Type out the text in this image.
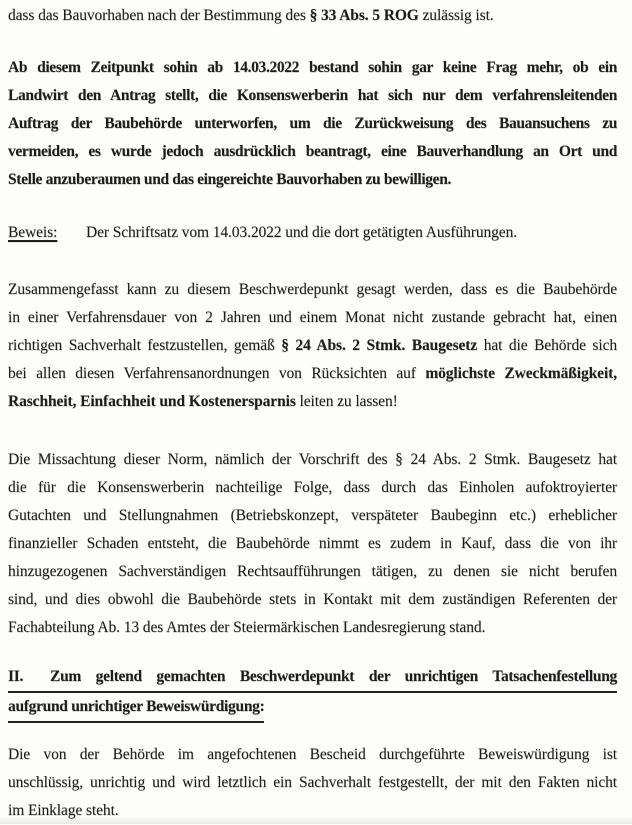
dass das Bauvorhaben nach der Bestimmung des § 33 Abs. 5 ROG zulässig ist.
Ab diesem Zeitpunkt sohin ab 14.03.2022 bestand sohin gar keine Frag mehr, ob ein
Landwirt den Antrag stellt, die Konsenswerberin hat sich nur dem verfahrensleitenden
Auftrag der Baubehörde unterworfen, um die Zurückweisung des Bauansuchens zu
vermeiden, es wurde jedoch ausdrücklich beantragt, eine Bauverhandlung an Ort und
Stelle anzuberaumen und das eingereichte Bauvorhaben zu bewilligen.
Beweis: Der Schriftsatz vom 14.03.2022 und die dort getätigten Ausführungen.
Zusammengefasst kann zu diesem Beschwerdepunkt gesagt werden, dass es die Baubehörde
in einer Verfahrensdauer von 2 Jahren und einem Monat nicht zustande gebracht hat, einen
richtigen Sachverhalt festzustellen, gemäß § 24 Abs. 2 Stmk. Baugesetz hat die Behörde sich
bei allen diesen Verfahrensanordnungen von Rücksichten auf möglichste Zweckmäßigkeit,
Raschheit, Einfachheit und Kostenersparnis leiten zu lassen!
Die Missachtung dieser Norm, nämlich der Vorschrift des § 24 Abs. 2 Stmk. Baugesetz hat
die für die Konsenswerberin nachteilige Folge, dass durch das Einholen aufoktroyierter
Gutachten und Stellungnahmen (Betriebskonzept, verspäteter Baubeginn etc.) erheblicher
finanzieller Schaden entsteht, die Baubehörde nimmt es zudem in Kauf, dass die von ihr
hinzugezogenen Sachverständigen Rechtsaufführungen tätigen, zu denen sie nicht berufen
sind, und dies obwohl die Baubehörde stets in Kontakt mit dem zuständigen Referenten der
Fachabteilung Ab. 13 des Amtes der Steiermärkischen Landesregierung stand.
II. Zum geltend gemachten Beschwerdepunkt der unrichtigen Tatsachenfestellung
aufgrund unrichtiger Beweiswürdigung:
Die von der Behörde im angefochtenen Bescheid durchgeführte Beweiswürdigung ist
unschlüssig, unrichtig und wird letztlich ein Sachverhalt festgestellt, der mit den Fakten nicht
im Einklage steht.
